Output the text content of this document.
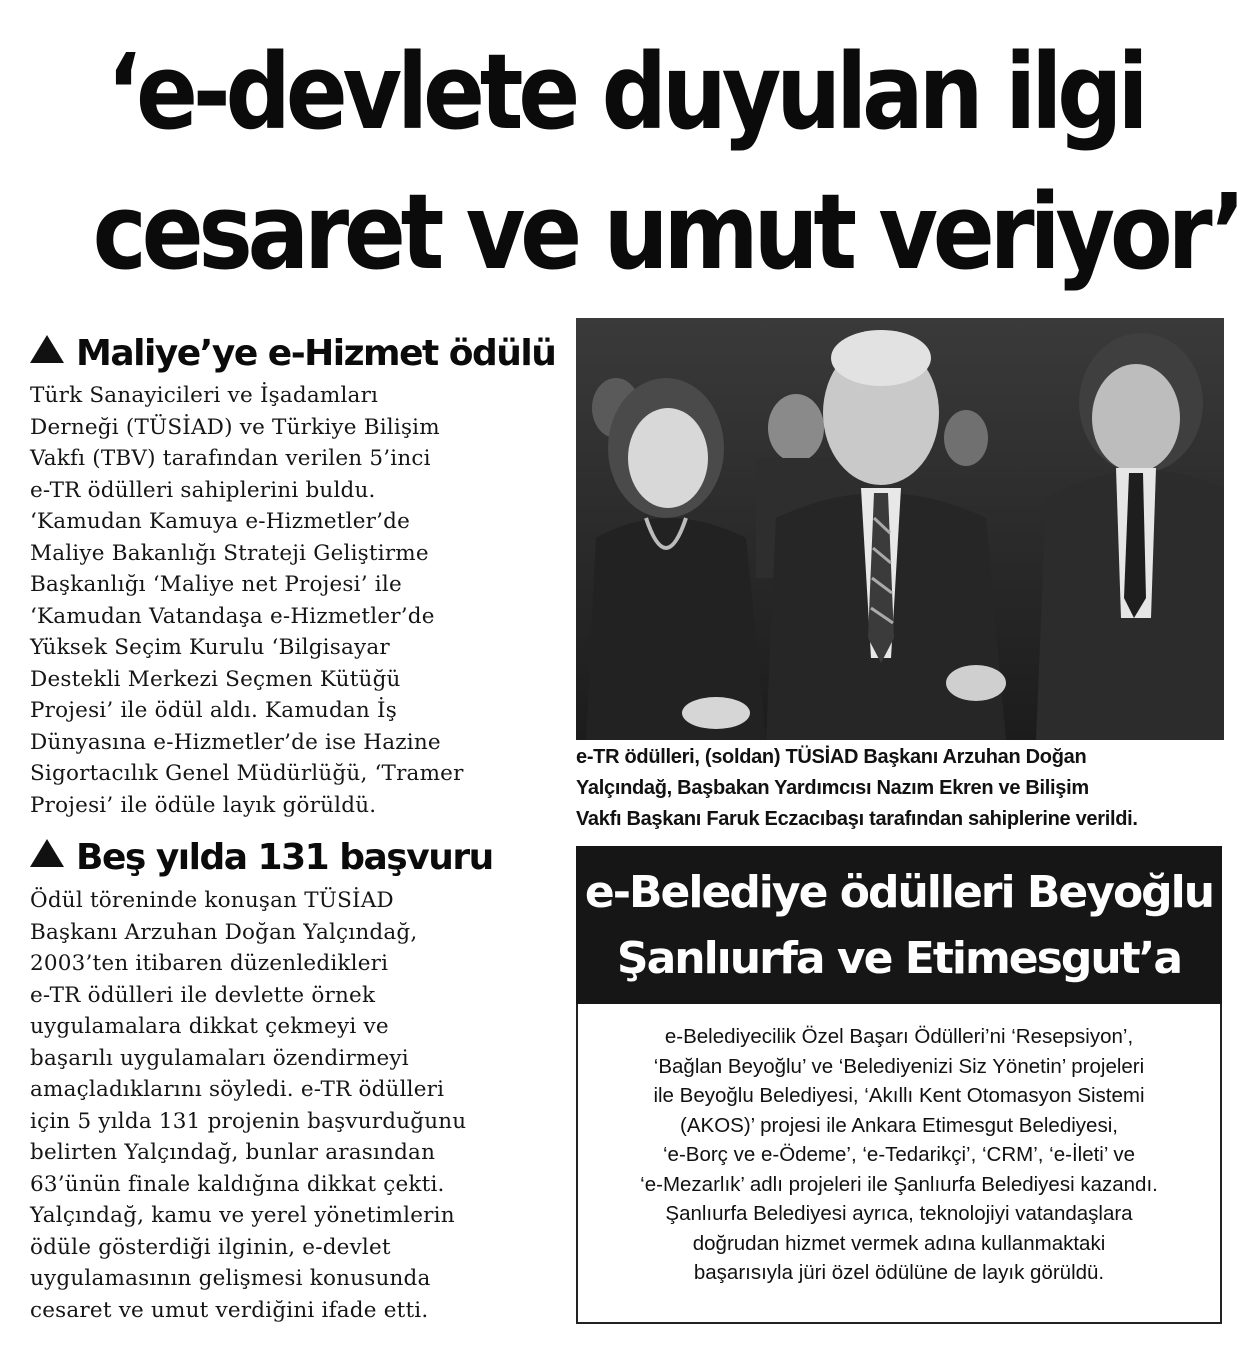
‘e-devlete duyulan ilgi
cesaret ve umut veriyor’
Maliye’ye e-Hizmet ödülü
Türk Sanayicileri ve İşadamları
Derneği (TÜSİAD) ve Türkiye Bilişim
Vakfı (TBV) tarafından verilen 5’inci
e-TR ödülleri sahiplerini buldu.
‘Kamudan Kamuya e-Hizmetler’de
Maliye Bakanlığı Strateji Geliştirme
Başkanlığı ‘Maliye net Projesi’ ile
‘Kamudan Vatandaşa e-Hizmetler’de
Yüksek Seçim Kurulu ‘Bilgisayar
Destekli Merkezi Seçmen Kütüğü
Projesi’ ile ödül aldı. Kamudan İş
Dünyasına e-Hizmetler’de ise Hazine
Sigortacılık Genel Müdürlüğü, ‘Tramer
Projesi’ ile ödüle layık görüldü.
Beş yılda 131 başvuru
Ödül töreninde konuşan TÜSİAD
Başkanı Arzuhan Doğan Yalçındağ,
2003’ten itibaren düzenledikleri
e-TR ödülleri ile devlette örnek
uygulamalara dikkat çekmeyi ve
başarılı uygulamaları özendirmeyi
amaçladıklarını söyledi. e-TR ödülleri
için 5 yılda 131 projenin başvurduğunu
belirten Yalçındağ, bunlar arasından
63’ünün finale kaldığına dikkat çekti.
Yalçındağ, kamu ve yerel yönetimlerin
ödüle gösterdiği ilginin, e-devlet
uygulamasının gelişmesi konusunda
cesaret ve umut verdiğini ifade etti.
e-TR ödülleri, (soldan) TÜSİAD Başkanı Arzuhan Doğan
Yalçındağ, Başbakan Yardımcısı Nazım Ekren ve Bilişim
Vakfı Başkanı Faruk Eczacıbaşı tarafından sahiplerine verildi.
e-Belediye ödülleri Beyoğlu
Şanlıurfa ve Etimesgut’a
e-Belediyecilik Özel Başarı Ödülleri’ni ‘Resepsiyon’,
‘Bağlan Beyoğlu’ ve ‘Belediyenizi Siz Yönetin’ projeleri
ile Beyoğlu Belediyesi, ‘Akıllı Kent Otomasyon Sistemi
(AKOS)’ projesi ile Ankara Etimesgut Belediyesi,
‘e-Borç ve e-Ödeme’, ‘e-Tedarikçi’, ‘CRM’, ‘e-İleti’ ve
‘e-Mezarlık’ adlı projeleri ile Şanlıurfa Belediyesi kazandı.
Şanlıurfa Belediyesi ayrıca, teknolojiyi vatandaşlara
doğrudan hizmet vermek adına kullanmaktaki
başarısıyla jüri özel ödülüne de layık görüldü.
